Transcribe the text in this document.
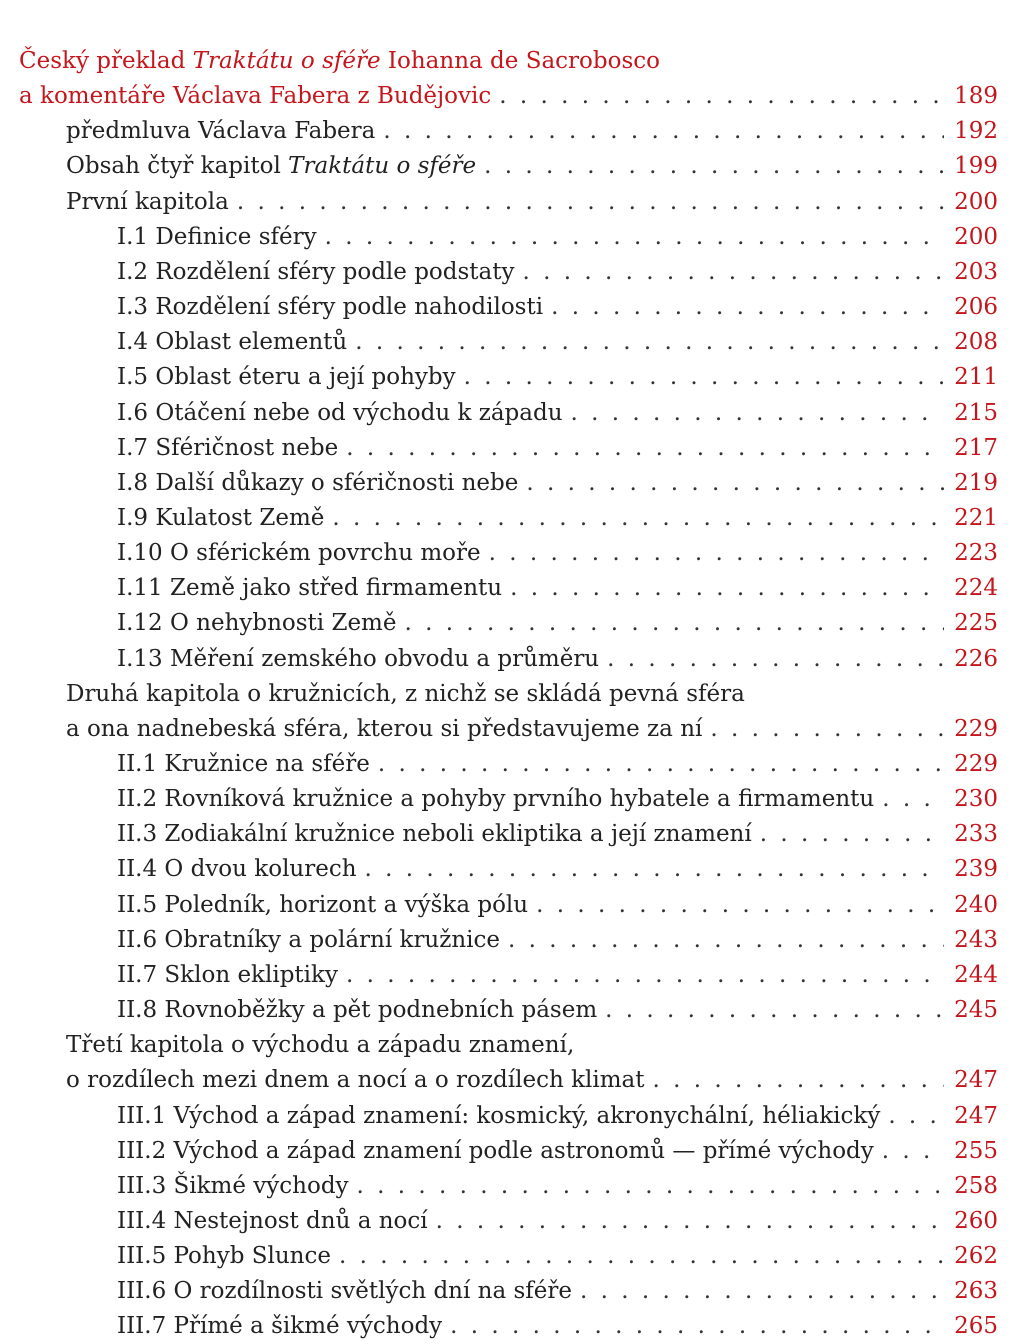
Český překlad Traktátu o sféře Iohanna de Sacrobosco
a komentáře Václava Fabera z Budějovic . . .	189
předmluva Václava Fabera . . .	192
Obsah čtyř kapitol Traktátu o sféře . . .	199
První kapitola . . .	200
I.1 Definice sféry . . .	200
I.2 Rozdělení sféry podle podstaty . . .	203
I.3 Rozdělení sféry podle nahodilosti . . .	206
I.4 Oblast elementů . . .	208
I.5 Oblast éteru a její pohyby . . .	211
I.6 Otáčení nebe od východu k západu . . .	215
I.7 Sféričnost nebe . . .	217
I.8 Další důkazy o sféričnosti nebe . . .	219
I.9 Kulatost Země . . .	221
I.10 O sférickém povrchu moře . . .	223
I.11 Země jako střed firmamentu . . .	224
I.12 O nehybnosti Země . . .	225
I.13 Měření zemského obvodu a průměru . . .	226
Druhá kapitola o kružnicích, z nichž se skládá pevná sféra
a ona nadnebeská sféra, kterou si představujeme za ní . . .	229
II.1 Kružnice na sféře . . .	229
II.2 Rovníková kružnice a pohyby prvního hybatele a firmamentu . . .	230
II.3 Zodiakální kružnice neboli ekliptika a její znamení . . .	233
II.4 O dvou kolurech . . .	239
II.5 Poledník, horizont a výška pólu . . .	240
II.6 Obratníky a polární kružnice . . .	243
II.7 Sklon ekliptiky . . .	244
II.8 Rovnoběžky a pět podnebních pásem . . .	245
Třetí kapitola o východu a západu znamení,
o rozdílech mezi dnem a nocí a o rozdílech klimat . . .	247
III.1 Východ a západ znamení: kosmický, akronychální, héliakický . . .	247
III.2 Východ a západ znamení podle astronomů — přímé východy . . .	255
III.3 Šikmé východy . . .	258
III.4 Nestejnost dnů a nocí . . .	260
III.5 Pohyb Slunce . . .	262
III.6 O rozdílnosti světlých dní na sféře . . .	263
III.7 Přímé a šikmé východy . . .	265
